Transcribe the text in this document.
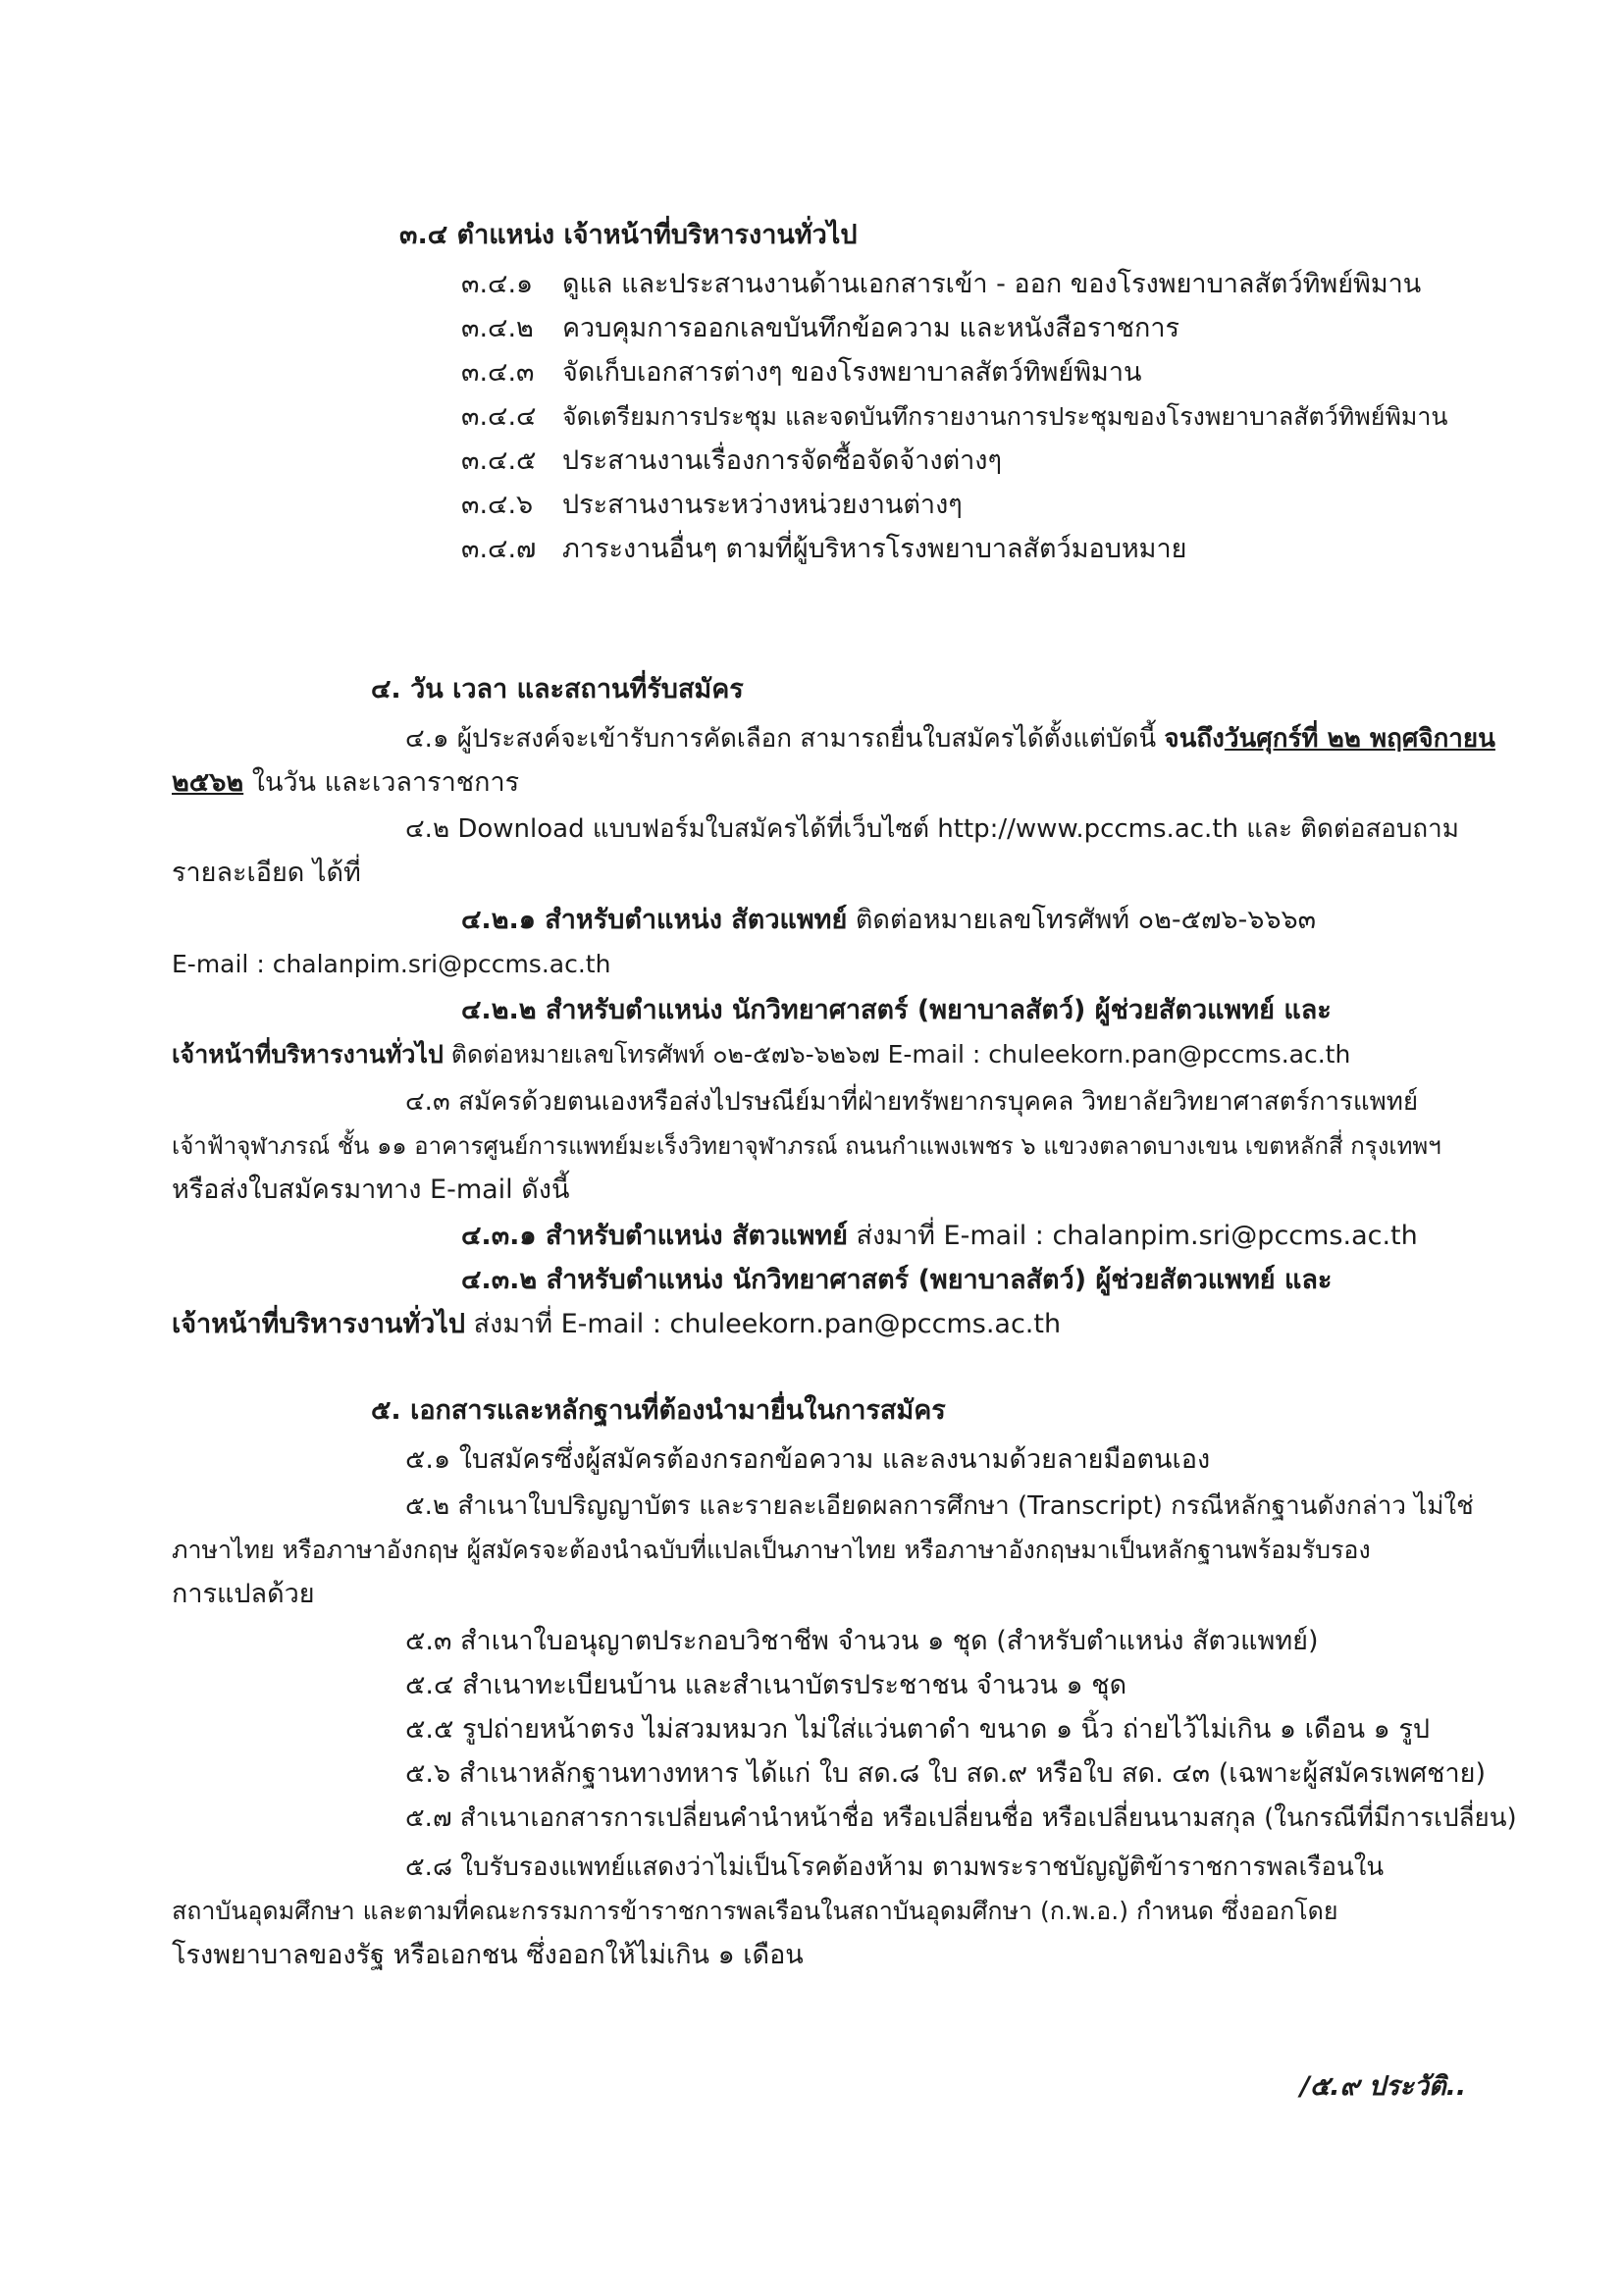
๓.๔ ตำแหน่ง เจ้าหน้าที่บริหารงานทั่วไป
๓.๔.๑ ดูแล และประสานงานด้านเอกสารเข้า - ออก ของโรงพยาบาลสัตว์ทิพย์พิมาน
๓.๔.๒ ควบคุมการออกเลขบันทึกข้อความ และหนังสือราชการ
๓.๔.๓ จัดเก็บเอกสารต่างๆ ของโรงพยาบาลสัตว์ทิพย์พิมาน
๓.๔.๔ จัดเตรียมการประชุม และจดบันทึกรายงานการประชุมของโรงพยาบาลสัตว์ทิพย์พิมาน
๓.๔.๕ ประสานงานเรื่องการจัดซื้อจัดจ้างต่างๆ
๓.๔.๖ ประสานงานระหว่างหน่วยงานต่างๆ
๓.๔.๗ ภาระงานอื่นๆ ตามที่ผู้บริหารโรงพยาบาลสัตว์มอบหมาย
๔. วัน เวลา และสถานที่รับสมัคร
๔.๑ ผู้ประสงค์จะเข้ารับการคัดเลือก สามารถยื่นใบสมัครได้ตั้งแต่บัดนี้ จนถึงวันศุกร์ที่ ๒๒ พฤศจิกายน
๒๕๖๒ ในวัน และเวลาราชการ
๔.๒ Download แบบฟอร์มใบสมัครได้ที่เว็บไซต์ http://www.pccms.ac.th และ ติดต่อสอบถาม
รายละเอียด ได้ที่
๔.๒.๑ สำหรับตำแหน่ง สัตวแพทย์ ติดต่อหมายเลขโทรศัพท์ ๐๒-๕๗๖-๖๖๖๓
E-mail : chalanpim.sri@pccms.ac.th
๔.๒.๒ สำหรับตำแหน่ง นักวิทยาศาสตร์ (พยาบาลสัตว์) ผู้ช่วยสัตวแพทย์ และ
เจ้าหน้าที่บริหารงานทั่วไป ติดต่อหมายเลขโทรศัพท์ ๐๒-๕๗๖-๖๒๖๗ E-mail : chuleekorn.pan@pccms.ac.th
๔.๓ สมัครด้วยตนเองหรือส่งไปรษณีย์มาที่ฝ่ายทรัพยากรบุคคล วิทยาลัยวิทยาศาสตร์การแพทย์
เจ้าฟ้าจุฬาภรณ์ ชั้น ๑๑ อาคารศูนย์การแพทย์มะเร็งวิทยาจุฬาภรณ์ ถนนกำแพงเพชร ๖ แขวงตลาดบางเขน เขตหลักสี่ กรุงเทพฯ
หรือส่งใบสมัครมาทาง E-mail ดังนี้
๔.๓.๑ สำหรับตำแหน่ง สัตวแพทย์ ส่งมาที่ E-mail : chalanpim.sri@pccms.ac.th
๔.๓.๒ สำหรับตำแหน่ง นักวิทยาศาสตร์ (พยาบาลสัตว์) ผู้ช่วยสัตวแพทย์ และ
เจ้าหน้าที่บริหารงานทั่วไป ส่งมาที่ E-mail : chuleekorn.pan@pccms.ac.th
๕. เอกสารและหลักฐานที่ต้องนำมายื่นในการสมัคร
๕.๑ ใบสมัครซึ่งผู้สมัครต้องกรอกข้อความ และลงนามด้วยลายมือตนเอง
๕.๒ สำเนาใบปริญญาบัตร และรายละเอียดผลการศึกษา (Transcript) กรณีหลักฐานดังกล่าว ไม่ใช่
ภาษาไทย หรือภาษาอังกฤษ ผู้สมัครจะต้องนำฉบับที่แปลเป็นภาษาไทย หรือภาษาอังกฤษมาเป็นหลักฐานพร้อมรับรอง
การแปลด้วย
๕.๓ สำเนาใบอนุญาตประกอบวิชาชีพ จำนวน ๑ ชุด (สำหรับตำแหน่ง สัตวแพทย์)
๕.๔ สำเนาทะเบียนบ้าน และสำเนาบัตรประชาชน จำนวน ๑ ชุด
๕.๕ รูปถ่ายหน้าตรง ไม่สวมหมวก ไม่ใส่แว่นตาดำ ขนาด ๑ นิ้ว ถ่ายไว้ไม่เกิน ๑ เดือน ๑ รูป
๕.๖ สำเนาหลักฐานทางทหาร ได้แก่ ใบ สด.๘ ใบ สด.๙ หรือใบ สด. ๔๓ (เฉพาะผู้สมัครเพศชาย)
๕.๗ สำเนาเอกสารการเปลี่ยนคำนำหน้าชื่อ หรือเปลี่ยนชื่อ หรือเปลี่ยนนามสกุล (ในกรณีที่มีการเปลี่ยน)
๕.๘ ใบรับรองแพทย์แสดงว่าไม่เป็นโรคต้องห้าม ตามพระราชบัญญัติข้าราชการพลเรือนใน
สถาบันอุดมศึกษา และตามที่คณะกรรมการข้าราชการพลเรือนในสถาบันอุดมศึกษา (ก.พ.อ.) กำหนด ซึ่งออกโดย
โรงพยาบาลของรัฐ หรือเอกชน ซึ่งออกให้ไม่เกิน ๑ เดือน
/๕.๙ ประวัติ..
